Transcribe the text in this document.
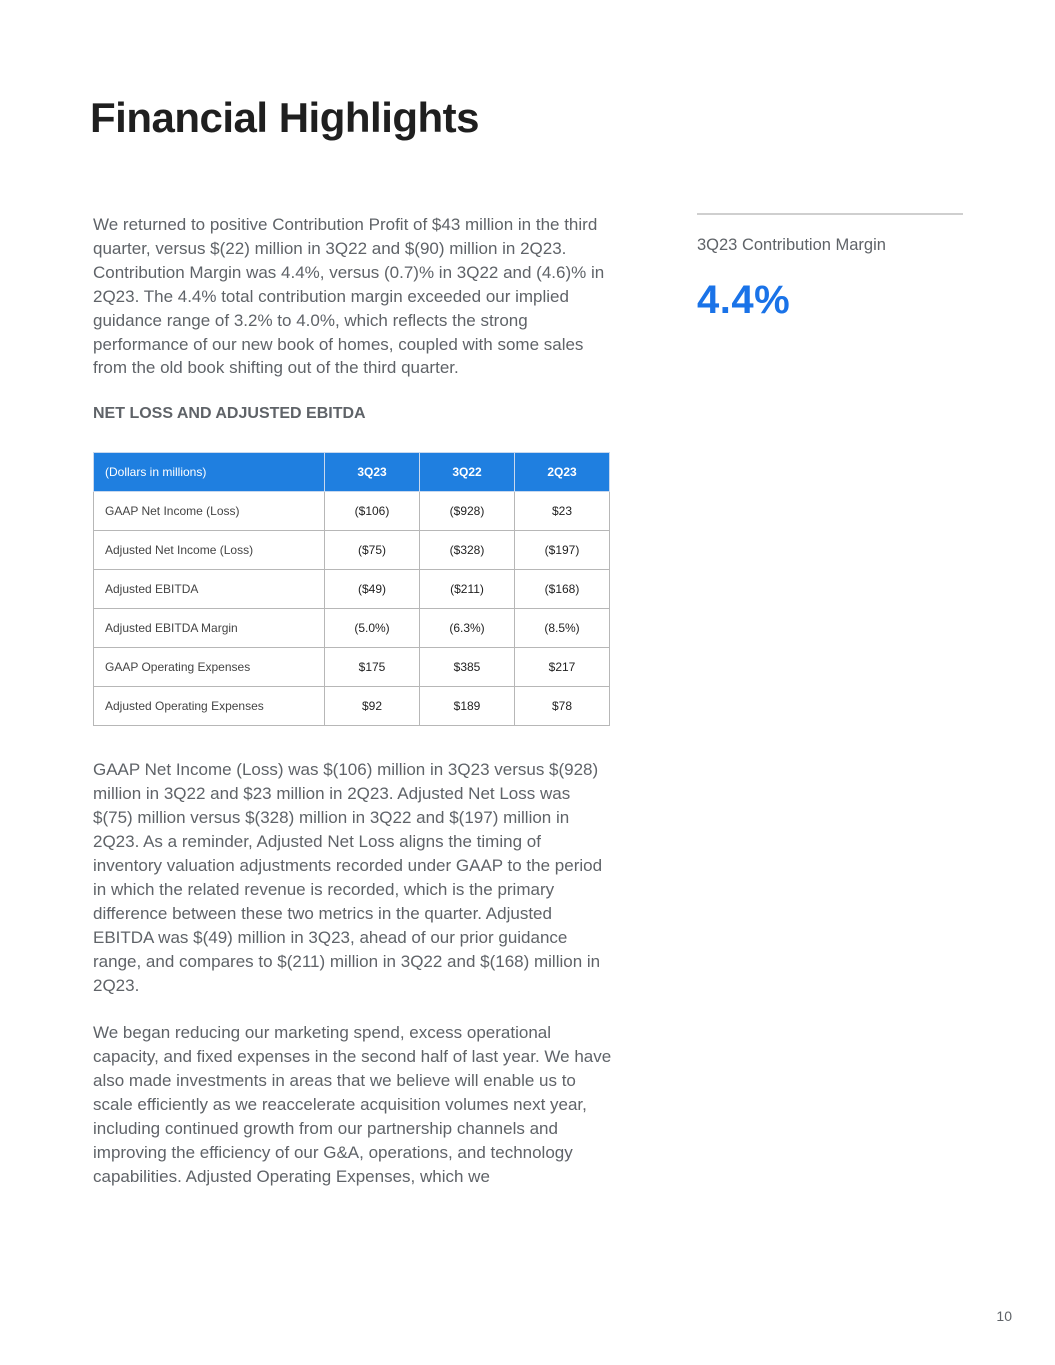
Financial Highlights

We returned to positive Contribution Profit of $43 million in the third quarter, versus $(22) million in 3Q22 and $(90) million in 2Q23. Contribution Margin was 4.4%, versus (0.7)% in 3Q22 and (4.6)% in 2Q23. The 4.4% total contribution margin exceeded our implied guidance range of 3.2% to 4.0%, which reflects the strong performance of our new book of homes, coupled with some sales from the old book shifting out of the third quarter.

NET LOSS AND ADJUSTED EBITDA
(Dollars in millions)	3Q23	3Q22	2Q23
GAAP Net Income (Loss)	($106)	($928)	$23
Adjusted Net Income (Loss)	($75)	($328)	($197)
Adjusted EBITDA	($49)	($211)	($168)
Adjusted EBITDA Margin	(5.0%)	(6.3%)	(8.5%)
GAAP Operating Expenses	$175	$385	$217
Adjusted Operating Expenses	$92	$189	$78

GAAP Net Income (Loss) was $(106) million in 3Q23 versus $(928) million in 3Q22 and $23 million in 2Q23. Adjusted Net Loss was $(75) million versus $(328) million in 3Q22 and $(197) million in 2Q23. As a reminder, Adjusted Net Loss aligns the timing of inventory valuation adjustments recorded under GAAP to the period in which the related revenue is recorded, which is the primary difference between these two metrics in the quarter. Adjusted EBITDA was $(49) million in 3Q23, ahead of our prior guidance range, and compares to $(211) million in 3Q22 and $(168) million in 2Q23.

We began reducing our marketing spend, excess operational capacity, and fixed expenses in the second half of last year. We have also made investments in areas that we believe will enable us to scale efficiently as we reaccelerate acquisition volumes next year, including continued growth from our partnership channels and improving the efficiency of our G&A, operations, and technology capabilities. Adjusted Operating Expenses, which we

3Q23 Contribution Margin
4.4%
10
